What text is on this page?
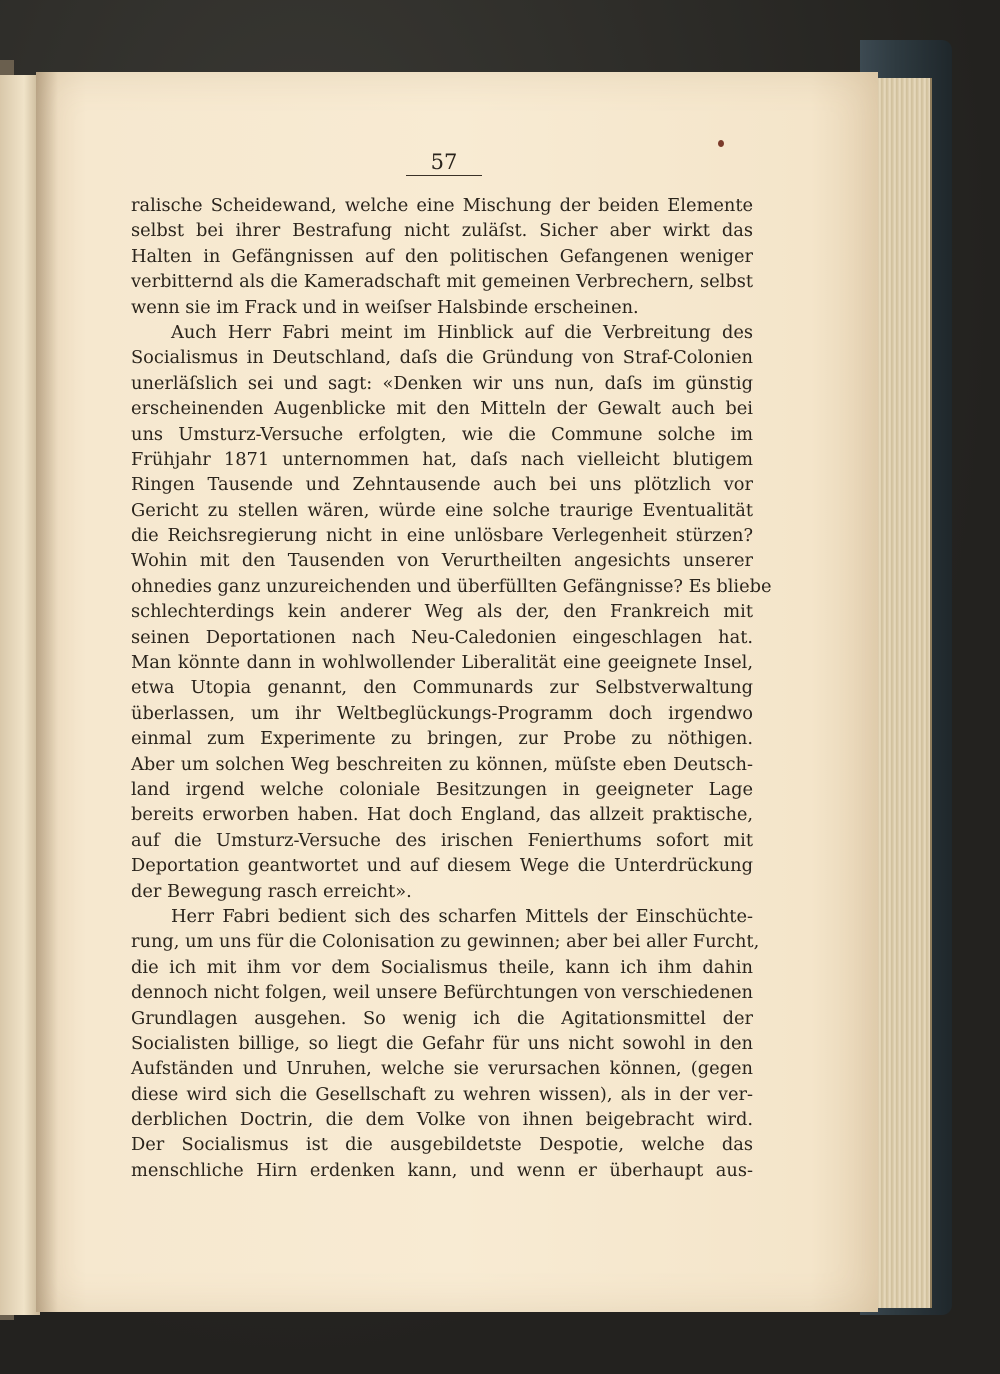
57
ralische Scheidewand, welche eine Mischung der beiden Elemente
selbst bei ihrer Bestrafung nicht zuläſst. Sicher aber wirkt das
Halten in Gefängnissen auf den politischen Gefangenen weniger
verbitternd als die Kameradschaft mit gemeinen Verbrechern, selbst
wenn sie im Frack und in weiſser Halsbinde erscheinen.
Auch Herr Fabri meint im Hinblick auf die Verbreitung des
Socialismus in Deutschland, daſs die Gründung von Straf-Colonien
unerläſslich sei und sagt: «Denken wir uns nun, daſs im günstig
erscheinenden Augenblicke mit den Mitteln der Gewalt auch bei
uns Umsturz-Versuche erfolgten, wie die Commune solche im
Frühjahr 1871 unternommen hat, daſs nach vielleicht blutigem
Ringen Tausende und Zehntausende auch bei uns plötzlich vor
Gericht zu stellen wären, würde eine solche traurige Eventualität
die Reichsregierung nicht in eine unlösbare Verlegenheit stürzen?
Wohin mit den Tausenden von Verurtheilten angesichts unserer
ohnedies ganz unzureichenden und überfüllten Gefängnisse? Es bliebe
schlechterdings kein anderer Weg als der, den Frankreich mit
seinen Deportationen nach Neu-Caledonien eingeschlagen hat.
Man könnte dann in wohlwollender Liberalität eine geeignete Insel,
etwa Utopia genannt, den Communards zur Selbstverwaltung
überlassen, um ihr Weltbeglückungs-Programm doch irgendwo
einmal zum Experimente zu bringen, zur Probe zu nöthigen.
Aber um solchen Weg beschreiten zu können, müſste eben Deutsch-
land irgend welche coloniale Besitzungen in geeigneter Lage
bereits erworben haben. Hat doch England, das allzeit praktische,
auf die Umsturz-Versuche des irischen Fenierthums sofort mit
Deportation geantwortet und auf diesem Wege die Unterdrückung
der Bewegung rasch erreicht».
Herr Fabri bedient sich des scharfen Mittels der Einschüchte-
rung, um uns für die Colonisation zu gewinnen; aber bei aller Furcht,
die ich mit ihm vor dem Socialismus theile, kann ich ihm dahin
dennoch nicht folgen, weil unsere Befürchtungen von verschiedenen
Grundlagen ausgehen. So wenig ich die Agitationsmittel der
Socialisten billige, so liegt die Gefahr für uns nicht sowohl in den
Aufständen und Unruhen, welche sie verursachen können, (gegen
diese wird sich die Gesellschaft zu wehren wissen), als in der ver-
derblichen Doctrin, die dem Volke von ihnen beigebracht wird.
Der Socialismus ist die ausgebildetste Despotie, welche das
menschliche Hirn erdenken kann, und wenn er überhaupt aus-
